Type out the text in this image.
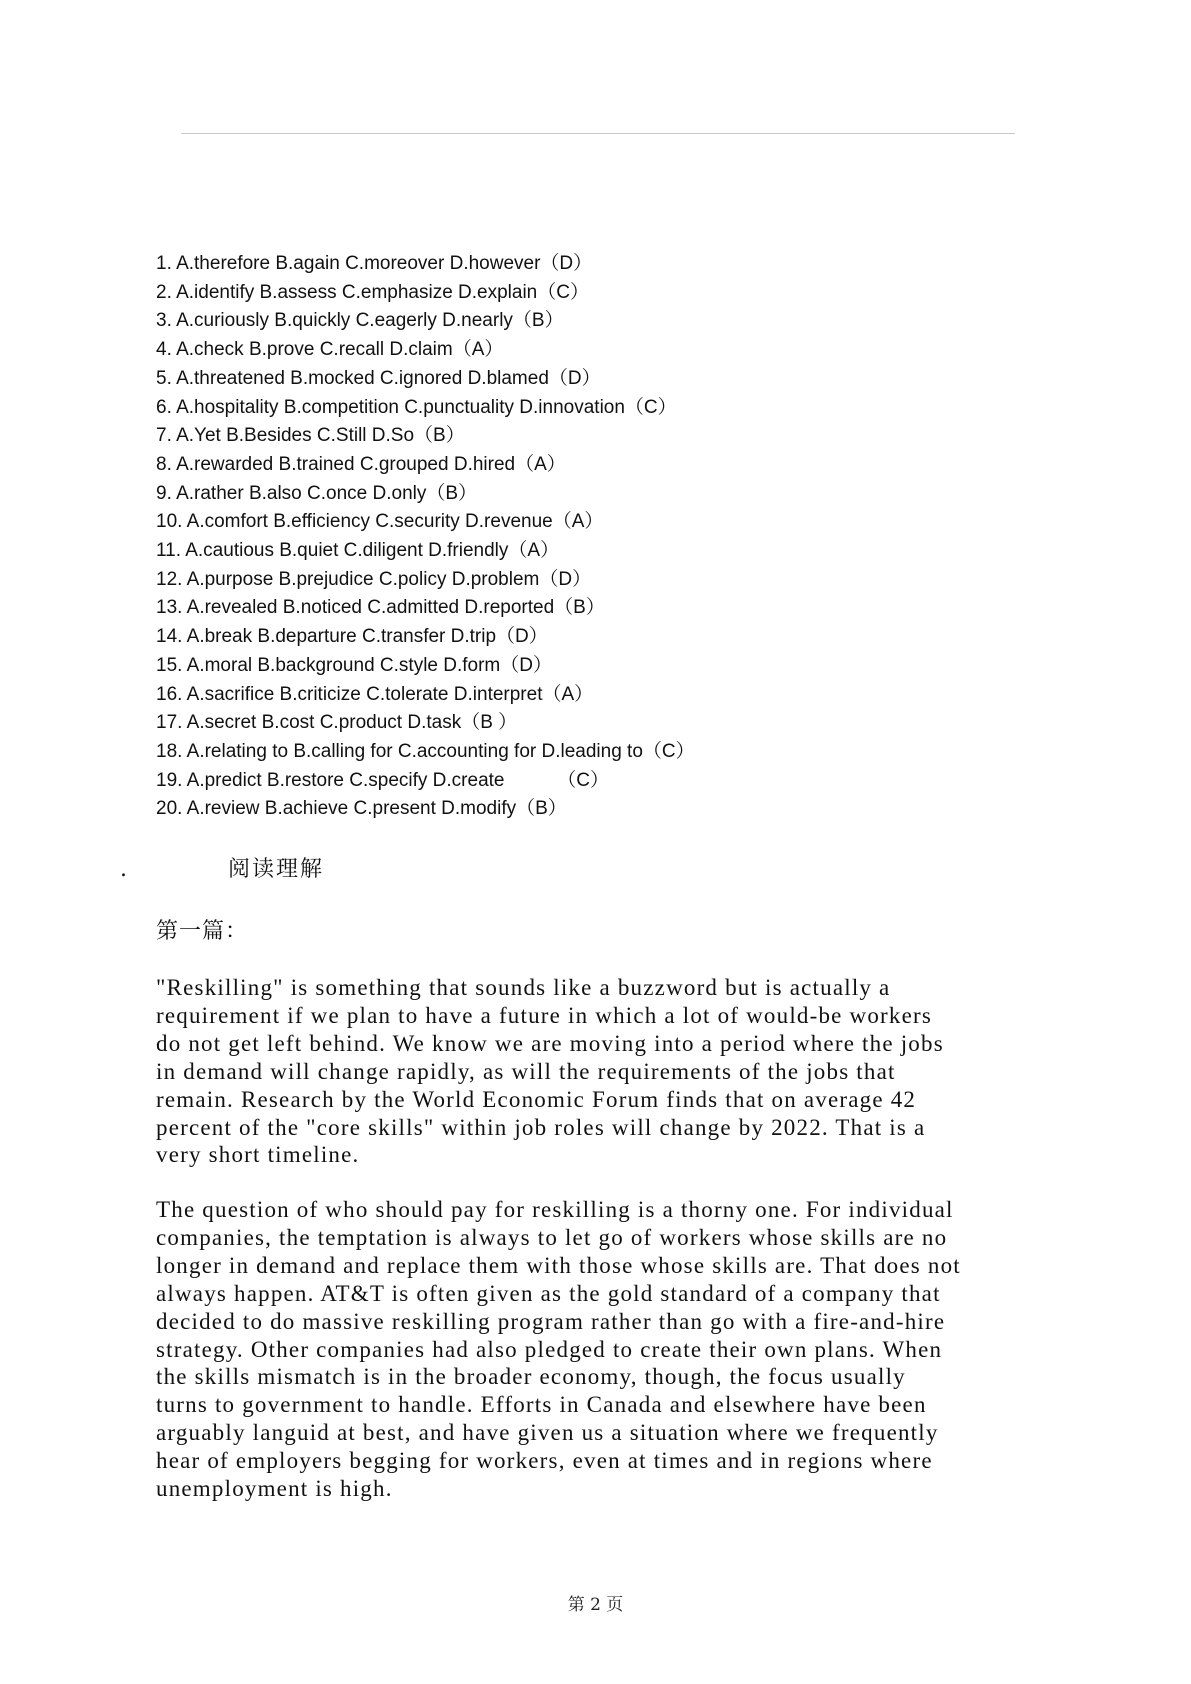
1. A.therefore B.again C.moreover D.however（D）
2. A.identify B.assess C.emphasize D.explain（C）
3. A.curiously B.quickly C.eagerly D.nearly（B）
4. A.check B.prove C.recall D.claim（A）
5. A.threatened B.mocked C.ignored D.blamed（D）
6. A.hospitality B.competition C.punctuality D.innovation（C）
7. A.Yet B.Besides C.Still D.So（B）
8. A.rewarded B.trained C.grouped D.hired（A）
9. A.rather B.also C.once D.only（B）
10. A.comfort B.efficiency C.security D.revenue（A）
11. A.cautious B.quiet C.diligent D.friendly（A）
12. A.purpose B.prejudice C.policy D.problem（D）
13. A.revealed B.noticed C.admitted D.reported（B）
14. A.break B.departure C.transfer D.trip（D）
15. A.moral B.background C.style D.form（D）
16. A.sacrifice B.criticize C.tolerate D.interpret（A）
17. A.secret B.cost C.product D.task（B ）
18. A.relating to B.calling for C.accounting for D.leading to（C）
19. A.predict B.restore C.specify D.create          （C）
20. A.review B.achieve C.present D.modify（B）
.	阅读理解
第一篇：
"Reskilling" is something that sounds like a buzzword but is actually a
requirement if we plan to have a future in which a lot of would-be workers
do not get left behind. We know we are moving into a period where the jobs
in demand will change rapidly, as will the requirements of the jobs that
remain. Research by the World Economic Forum finds that on average 42
percent of the "core skills" within job roles will change by 2022. That is a
very short timeline.
The question of who should pay for reskilling is a thorny one. For individual
companies, the temptation is always to let go of workers whose skills are no
longer in demand and replace them with those whose skills are. That does not
always happen. AT&T is often given as the gold standard of a company that
decided to do massive reskilling program rather than go with a fire-and-hire
strategy. Other companies had also pledged to create their own plans. When
the skills mismatch is in the broader economy, though, the focus usually
turns to government to handle. Efforts in Canada and elsewhere have been
arguably languid at best, and have given us a situation where we frequently
hear of employers begging for workers, even at times and in regions where
unemployment is high.
第 2 页
